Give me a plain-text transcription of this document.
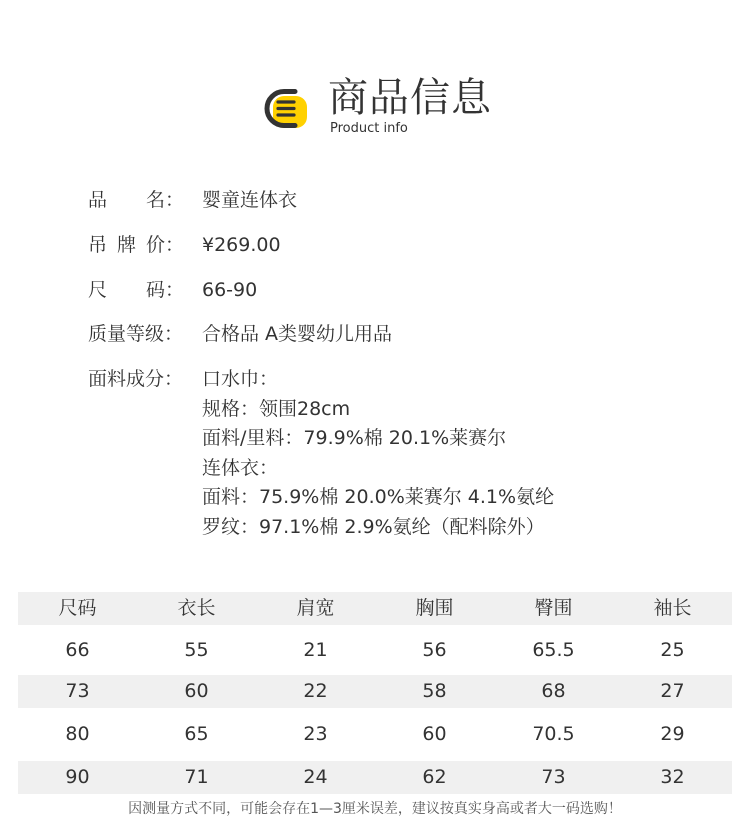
商品信息
Product info
品 名： 婴童连体衣
吊 牌 价： ¥269.00
尺 码： 66-90
质量等级： 合格品 A类婴幼儿用品
面料成分： 口水巾：
规格：领围28cm
面料/里料：79.9%棉 20.1%莱赛尔
连体衣：
面料：75.9%棉 20.0%莱赛尔 4.1%氨纶
罗纹：97.1%棉 2.9%氨纶（配料除外）
尺码	衣长	肩宽	胸围	臀围	袖长
66	55	21	56	65.5	25
73	60	22	58	68	27
80	65	23	60	70.5	29
90	71	24	62	73	32
因测量方式不同，可能会存在1—3厘米误差，建议按真实身高或者大一码选购！
